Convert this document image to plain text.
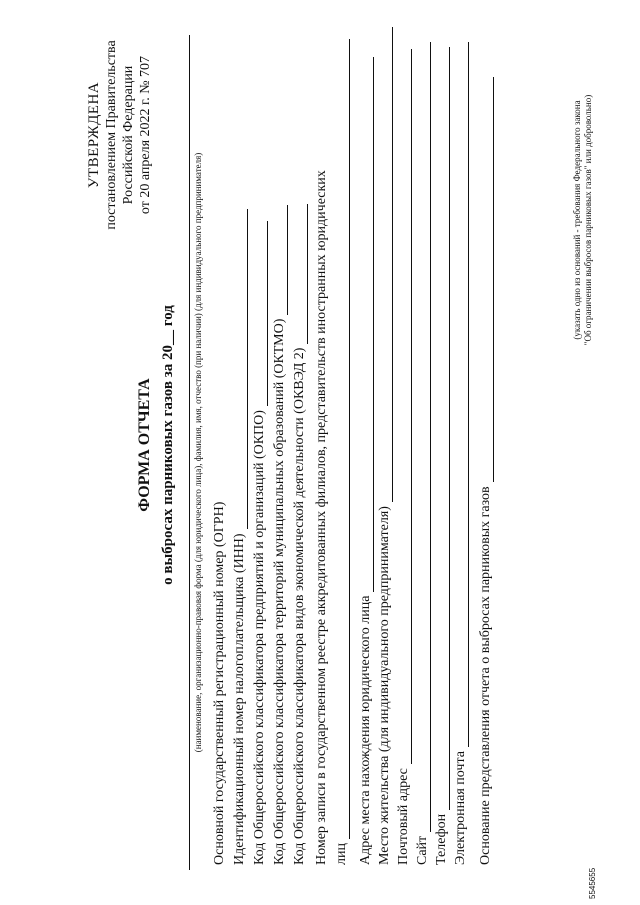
УТВЕРЖДЕНА постановлением Правительства Российской Федерации от 20 апреля 2022 г. № 707
ФОРМА ОТЧЕТА о выбросах парниковых газов за 20__ год (наименование, организационно-правовая форма (для юридического лица), фамилия, имя, отчество (при наличии) (для индивидуального предпринимателя) Основной государственный регистрационный номер (ОГРН) Идентификационный номер налогоплательщика (ИНН) Код Общероссийского классификатора предприятий и организаций (ОКПО) Код Общероссийского классификатора территорий муниципальных образований (ОКТМО) Код Общероссийского классификатора видов экономической деятельности (ОКВЭД 2) Номер записи в государственном реестре аккредитованных филиалов, представительств иностранных юридических лиц Адрес места нахождения юридического лица Место жительства (для индивидуального предпринимателя) Почтовый адрес Сайт Телефон Электронная почта Основание представления отчета о выбросах парниковых газов
(указать одно из оснований - требования Федерального закона "Об ограничении выбросов парниковых газов" или добровольно)
5545655
